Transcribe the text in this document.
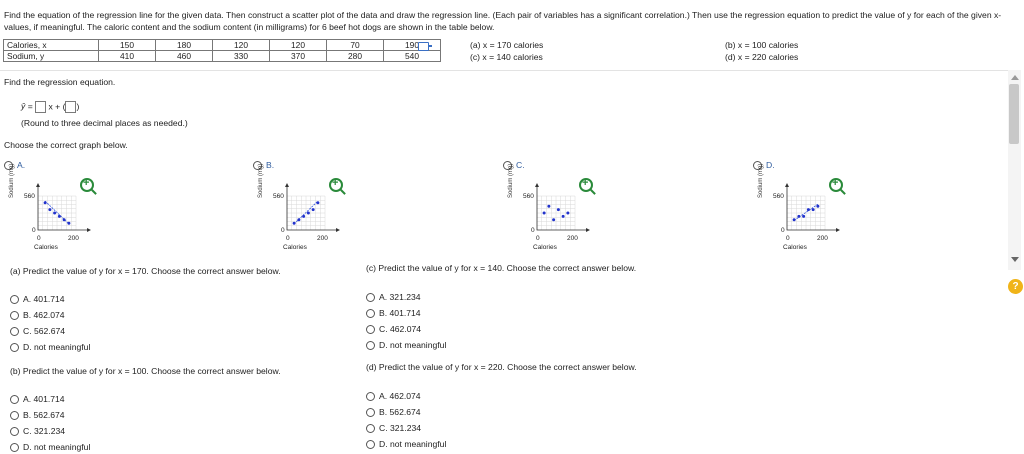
Find the equation of the regression line for the given data. Then construct a scatter plot of the data and draw the regression line. (Each pair of variables has a significant correlation.) Then use the regression equation to predict the value of y for each of the given x-values, if meaningful. The caloric content and the sodium content (in milligrams) for 6 beef hot dogs are shown in the table below.
Calories, x	150	180	120	120	70	190
Sodium, y	410	460	330	370	280	540
(a) x = 170 calories
(c) x = 140 calories
(b) x = 100 calories
(d) x = 220 calories
Find the regression equation.
ŷ = x + ( )
(Round to three decimal places as needed.)
Choose the correct graph below.
A.
+
Sodium (mg) 560
0
0	200
Calories
B.
+
Sodium (mg) 560
0
0	200
Calories
C.
+
Sodium (mg) 560
0
0	200
Calories
D.
+
Sodium (mg) 560
0
0	200
Calories
(a) Predict the value of y for x = 170. Choose the correct answer below.
A. 401.714
B. 462.074
C. 562.674
D. not meaningful
(b) Predict the value of y for x = 100. Choose the correct answer below.
A. 401.714
B. 562.674
C. 321.234
D. not meaningful
(c) Predict the value of y for x = 140. Choose the correct answer below.
A. 321.234
B. 401.714
C. 462.074
D. not meaningful
(d) Predict the value of y for x = 220. Choose the correct answer below.
A. 462.074
B. 562.674
C. 321.234
D. not meaningful
?
